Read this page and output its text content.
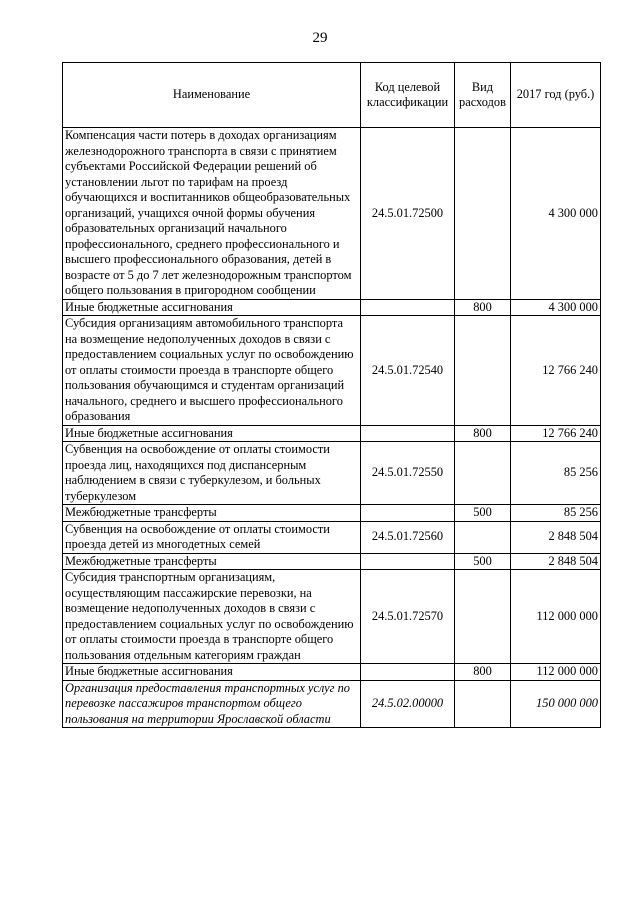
29
Наименование	Код целевой классификации	Вид расходов	2017 год (руб.)
Компенсация части потерь в доходах организациям железнодорожного транспорта в связи с принятием субъектами Российской Федерации решений об установлении льгот по тарифам на проезд обучающихся и воспитанников общеобразовательных организаций, учащихся очной формы обучения образовательных организаций начального профессионального, среднего профессионального и высшего профессионального образования, детей в возрасте от 5 до 7 лет железнодорожным транспортом общего пользования в пригородном сообщении	24.5.01.72500		4 300 000
Иные бюджетные ассигнования		800	4 300 000
Субсидия организациям автомобильного транспорта на возмещение недополученных доходов в связи с предоставлением социальных услуг по освобождению от оплаты стоимости проезда в транспорте общего пользования обучающимся и студентам организаций начального, среднего и высшего профессионального образования	24.5.01.72540		12 766 240
Иные бюджетные ассигнования		800	12 766 240
Субвенция на освобождение от оплаты стоимости проезда лиц, находящихся под диспансерным наблюдением в связи с туберкулезом, и больных туберкулезом	24.5.01.72550		85 256
Межбюджетные трансферты		500	85 256
Субвенция на освобождение от оплаты стоимости проезда детей из многодетных семей	24.5.01.72560		2 848 504
Межбюджетные трансферты		500	2 848 504
Субсидия транспортным организациям, осуществляющим пассажирские перевозки, на возмещение недополученных доходов в связи с предоставлением социальных услуг по освобождению от оплаты стоимости проезда в транспорте общего пользования отдельным категориям граждан	24.5.01.72570		112 000 000
Иные бюджетные ассигнования		800	112 000 000
Организация предоставления транспортных услуг по перевозке пассажиров транспортом общего пользования на территории Ярославской области	24.5.02.00000		150 000 000
